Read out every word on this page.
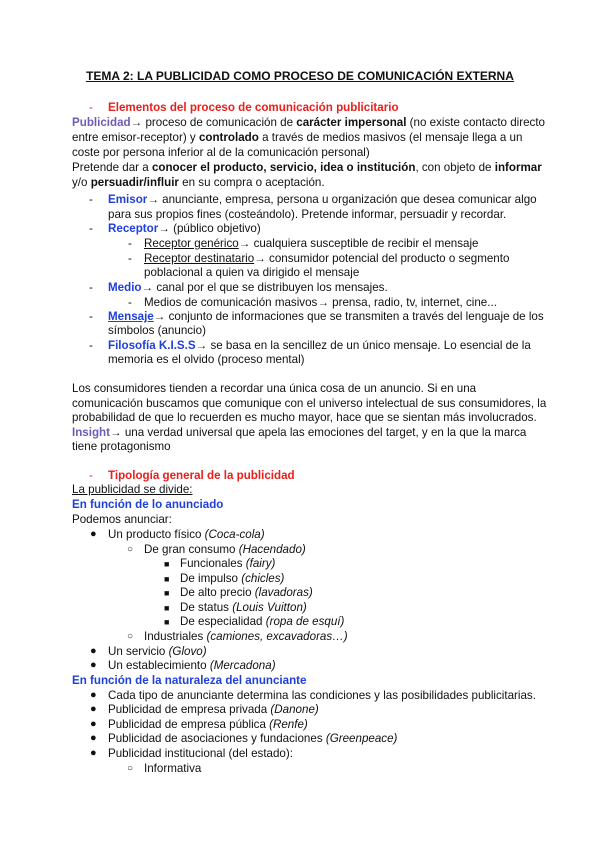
TEMA 2: LA PUBLICIDAD COMO PROCESO DE COMUNICACIÓN EXTERNA
- Elementos del proceso de comunicación publicitario
Publicidad→ proceso de comunicación de carácter impersonal (no existe contacto directo
entre emisor-receptor) y controlado a través de medios masivos (el mensaje llega a un
coste por persona inferior al de la comunicación personal)
Pretende dar a conocer el producto, servicio, idea o institución, con objeto de informar
y/o persuadir/influir en su compra o aceptación.
- Emisor→ anunciante, empresa, persona u organización que desea comunicar algo
para sus propios fines (costeándolo). Pretende informar, persuadir y recordar.
- Receptor→ (público objetivo)
- Receptor genérico→ cualquiera susceptible de recibir el mensaje
- Receptor destinatario→ consumidor potencial del producto o segmento
poblacional a quien va dirigido el mensaje
- Medio→ canal por el que se distribuyen los mensajes.
- Medios de comunicación masivos→ prensa, radio, tv, internet, cine...
- Mensaje→ conjunto de informaciones que se transmiten a través del lenguaje de los
símbolos (anuncio)
- Filosofía K.I.S.S→ se basa en la sencillez de un único mensaje. Lo esencial de la
memoria es el olvido (proceso mental)
Los consumidores tienden a recordar una única cosa de un anuncio. Si en una
comunicación buscamos que comunique con el universo intelectual de sus consumidores, la
probabilidad de que lo recuerden es mucho mayor, hace que se sientan más involucrados.
Insight→ una verdad universal que apela las emociones del target, y en la que la marca
tiene protagonismo
- Tipología general de la publicidad
La publicidad se divide:
En función de lo anunciado
Podemos anunciar:
● Un producto físico (Coca-cola)
○ De gran consumo (Hacendado)
■ Funcionales (fairy)
■ De impulso (chicles)
■ De alto precio (lavadoras)
■ De status (Louis Vuitton)
■ De especialidad (ropa de esquí)
○ Industriales (camiones, excavadoras…)
● Un servicio (Glovo)
● Un establecimiento (Mercadona)
En función de la naturaleza del anunciante
● Cada tipo de anunciante determina las condiciones y las posibilidades publicitarias.
● Publicidad de empresa privada (Danone)
● Publicidad de empresa pública (Renfe)
● Publicidad de asociaciones y fundaciones (Greenpeace)
● Publicidad institucional (del estado):
○ Informativa
